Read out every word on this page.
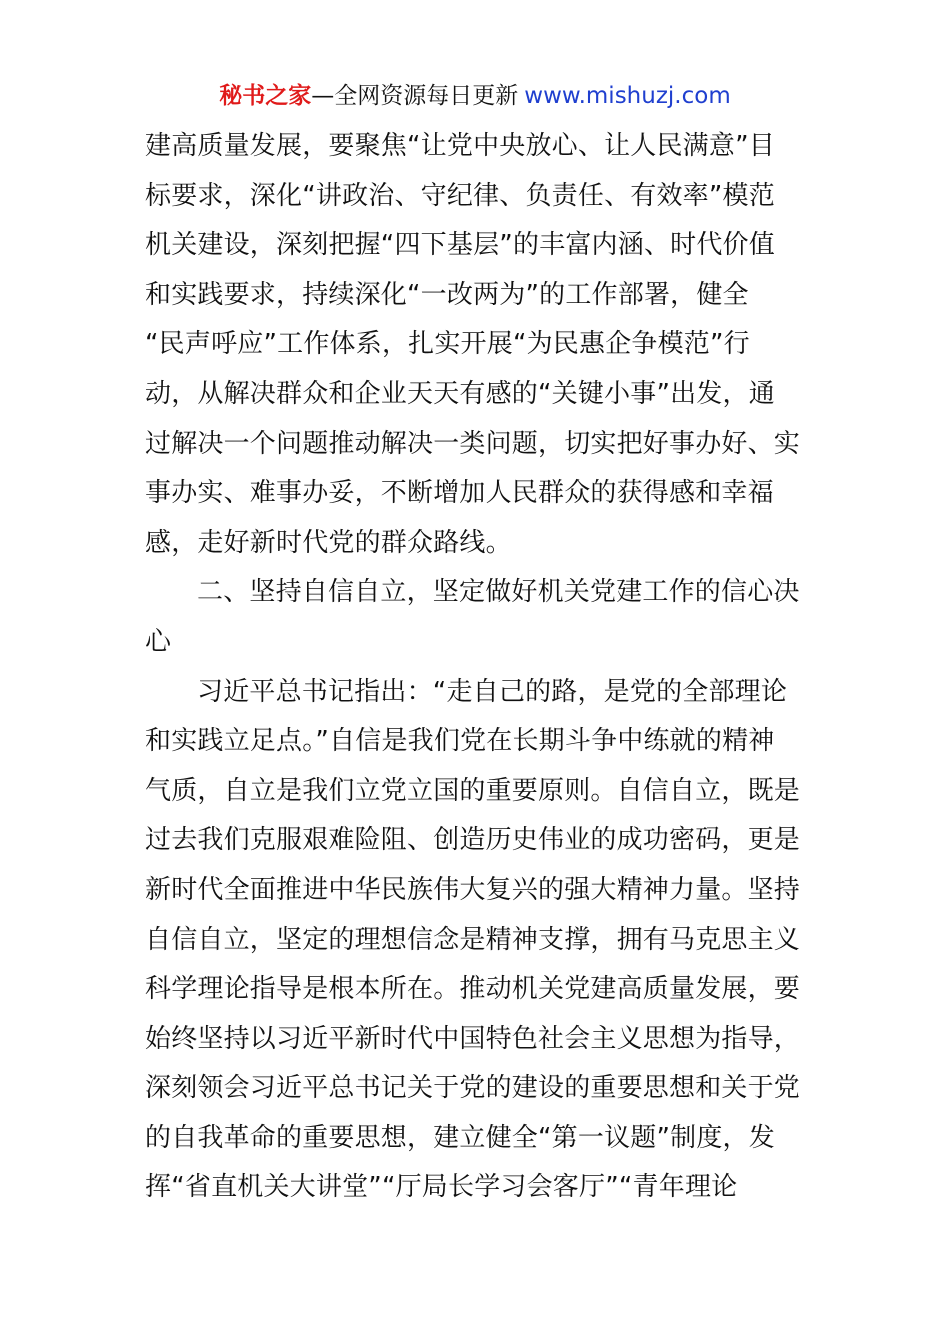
秘书之家—全网资源每日更新 www.mishuzj.com
建高质量发展，要聚焦“让党中央放心、让人民满意”目
标要求，深化“讲政治、守纪律、负责任、有效率”模范
机关建设，深刻把握“四下基层”的丰富内涵、时代价值
和实践要求，持续深化“一改两为”的工作部署，健全
“民声呼应”工作体系，扎实开展“为民惠企争模范”行
动，从解决群众和企业天天有感的“关键小事”出发，通
过解决一个问题推动解决一类问题，切实把好事办好、实
事办实、难事办妥，不断增加人民群众的获得感和幸福
感，走好新时代党的群众路线。
二、坚持自信自立，坚定做好机关党建工作的信心决
心
习近平总书记指出：“走自己的路，是党的全部理论
和实践立足点。”自信是我们党在长期斗争中练就的精神
气质，自立是我们立党立国的重要原则。自信自立，既是
过去我们克服艰难险阻、创造历史伟业的成功密码，更是
新时代全面推进中华民族伟大复兴的强大精神力量。坚持
自信自立，坚定的理想信念是精神支撑，拥有马克思主义
科学理论指导是根本所在。推动机关党建高质量发展，要
始终坚持以习近平新时代中国特色社会主义思想为指导，
深刻领会习近平总书记关于党的建设的重要思想和关于党
的自我革命的重要思想，建立健全“第一议题”制度，发
挥“省直机关大讲堂”“厅局长学习会客厅”“青年理论
